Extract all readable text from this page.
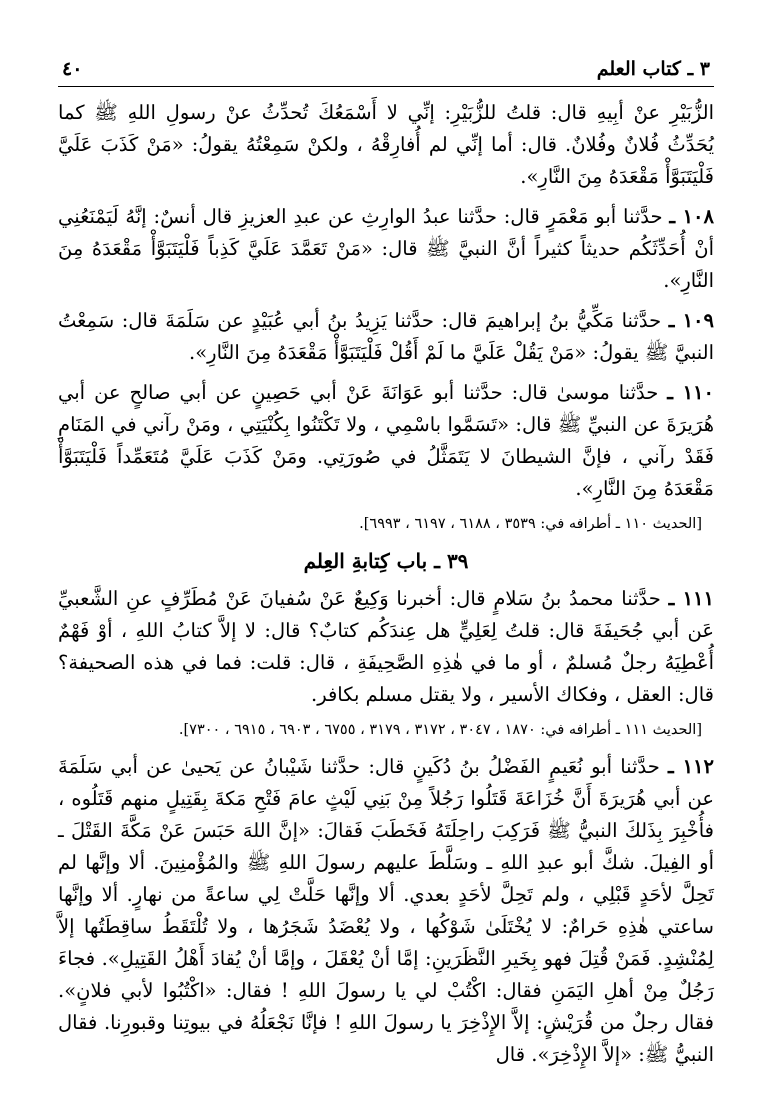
٣ ـ كتاب العلم
٤٠

الزُّبَيْرِ عنْ أبِيهِ قال: قلتُ للزُّبَيْرِ: إنِّي لا أَسْمَعُكَ تُحدِّثُ عنْ رسولِ اللهِ ﷺ كما يُحَدِّثُ فُلانٌ وفُلانٌ. قال: أما إنِّي لم أُفارِقْهُ ، ولكنْ سَمِعْتُهُ يقولُ: «مَنْ كَذَبَ عَلَيَّ فَلْيَتَبَوَّأْ مَقْعَدَهُ مِنَ النَّارِ».

١٠٨ ـ حدَّثنا أبو مَعْمَرٍ قال: حدَّثنا عبدُ الوارِثِ عن عبدِ العزيزِ قال أنسٌ: إنَّهُ لَيَمْنَعُنِي أنْ أُحَدِّثَكُم حديثاً كثيراً أنَّ النبيَّ ﷺ قال: «مَنْ تَعَمَّدَ عَلَيَّ كَذِباً فَلْيَتَبَوَّأْ مَقْعَدَهُ مِنَ النَّارِ».

١٠٩ ـ حدَّثنا مَكِّيُّ بنُ إبراهيمَ قال: حدَّثنا يَزِيدُ بنُ أبي عُبَيْدٍ عن سَلَمَةَ قال: سَمِعْتُ النبيَّ ﷺ يقولُ: «مَنْ يَقُلْ عَلَيَّ ما لَمْ أَقُلْ فَلْيَتَبَوَّأْ مَقْعَدَهُ مِنَ النَّارِ».

١١٠ ـ حدَّثنا موسىٰ قال: حدَّثنا أبو عَوَانَةَ عَنْ أبي حَصِينٍ عن أبي صالحٍ عن أبي هُرَيرَةَ عن النبيِّ ﷺ قال: «تَسَمَّوا باسْمِي ، ولا تَكْتَنُوا بِكُنْيَتِي ، ومَنْ رآني في المَنَامِ فَقَدْ رآني ، فإنَّ الشيطانَ لا يَتَمَثَّلُ في صُورَتِي. ومَنْ كَذَبَ عَلَيَّ مُتَعَمِّداً فَلْيَتَبَوَّأْ مَقْعَدَهُ مِنَ النَّارِ».

[الحديث ١١٠ ـ أطرافه في: ٣٥٣٩ ، ٦١٨٨ ، ٦١٩٧ ، ٦٩٩٣].
٣٩ ـ باب كِتابةِ العِلم

١١١ ـ حدَّثنا محمدُ بنُ سَلامٍ قال: أخبرنا وَكِيعٌ عَنْ سُفيانَ عَنْ مُطَرِّفٍ عنِ الشَّعبيِّ عَن أبي جُحَيفَةَ قال: قلتُ لِعَلِيٍّ هل عِندَكُم كتابٌ؟ قال: لا إلاَّ كتابُ اللهِ ، أوْ فَهْمٌ أُعْطِيَهُ رجلٌ مُسلمٌ ، أو ما في هٰذِهِ الصَّحِيفَةِ ، قال: قلت: فما في هذه الصحيفة؟ قال: العقل ، وفكاك الأسير ، ولا يقتل مسلم بكافر.

[الحديث ١١١ ـ أطرافه في: ١٨٧٠ ، ٣٠٤٧ ، ٣١٧٢ ، ٣١٧٩ ، ٦٧٥٥ ، ٦٩٠٣ ، ٦٩١٥ ، ٧٣٠٠].

١١٢ ـ حدَّثنا أبو نُعَيمٍ الفَضْلُ بنُ دُكَينٍ قال: حدَّثنا شَيْبانُ عن يَحيىٰ عن أبي سَلَمَةَ عن أبي هُرَيرَةَ أَنَّ خُزَاعَةَ قَتَلُوا رَجُلاً مِنْ بَنِي لَيْثٍ عامَ فَتْحِ مَكةَ بِقَتِيلٍ منهم قَتَلُوه ، فأُخْبِرَ بِذَلكَ النبيُّ ﷺ فَرَكِبَ راحِلَتَهُ فَخَطَبَ فَقالَ: «إنَّ اللهَ حَبَسَ عَنْ مَكَّةَ القَتْلَ ـ أو الفِيلَ. شكَّ أبو عبدِ اللهِ ـ وسَلَّطَ عليهم رسولَ اللهِ ﷺ والمُؤْمنِينَ. ألا وإنَّها لم تَحِلَّ لأحَدٍ قَبْلِي ، ولم تَحِلَّ لأحَدٍ بعدي. ألا وإنَّها حَلَّتْ لِي ساعةً من نهارٍ. ألا وإنَّها ساعتي هٰذِهِ حَرامٌ: لا يُخْتَلَىٰ شَوْكُها ، ولا يُعْضَدُ شَجَرُها ، ولا تُلْتَقَطُ ساقِطَتُها إلاَّ لِمُنْشِدٍ. فَمَنْ قُتِلَ فهو بِخَيرِ النَّظَرَينِ: إمَّا أنْ يُعْقَلَ ، وإمَّا أنْ يُقادَ أَهْلُ القَتِيلِ». فجاءَ رَجُلٌ مِنْ أهلِ اليَمَنِ فقال: اكْتُبْ لي يا رسولَ اللهِ ! فقال: «اكْتُبُوا لأبي فلانٍ». فقال رجلٌ من قُرَيْشٍ: إلاَّ الإِذْخِرَ يا رسولَ اللهِ ! فإنَّا نَجْعَلُهُ في بيوتِنا وقبورِنا. فقال النبيُّ ﷺ: «إلاَّ الإِذْخِرَ». قال
